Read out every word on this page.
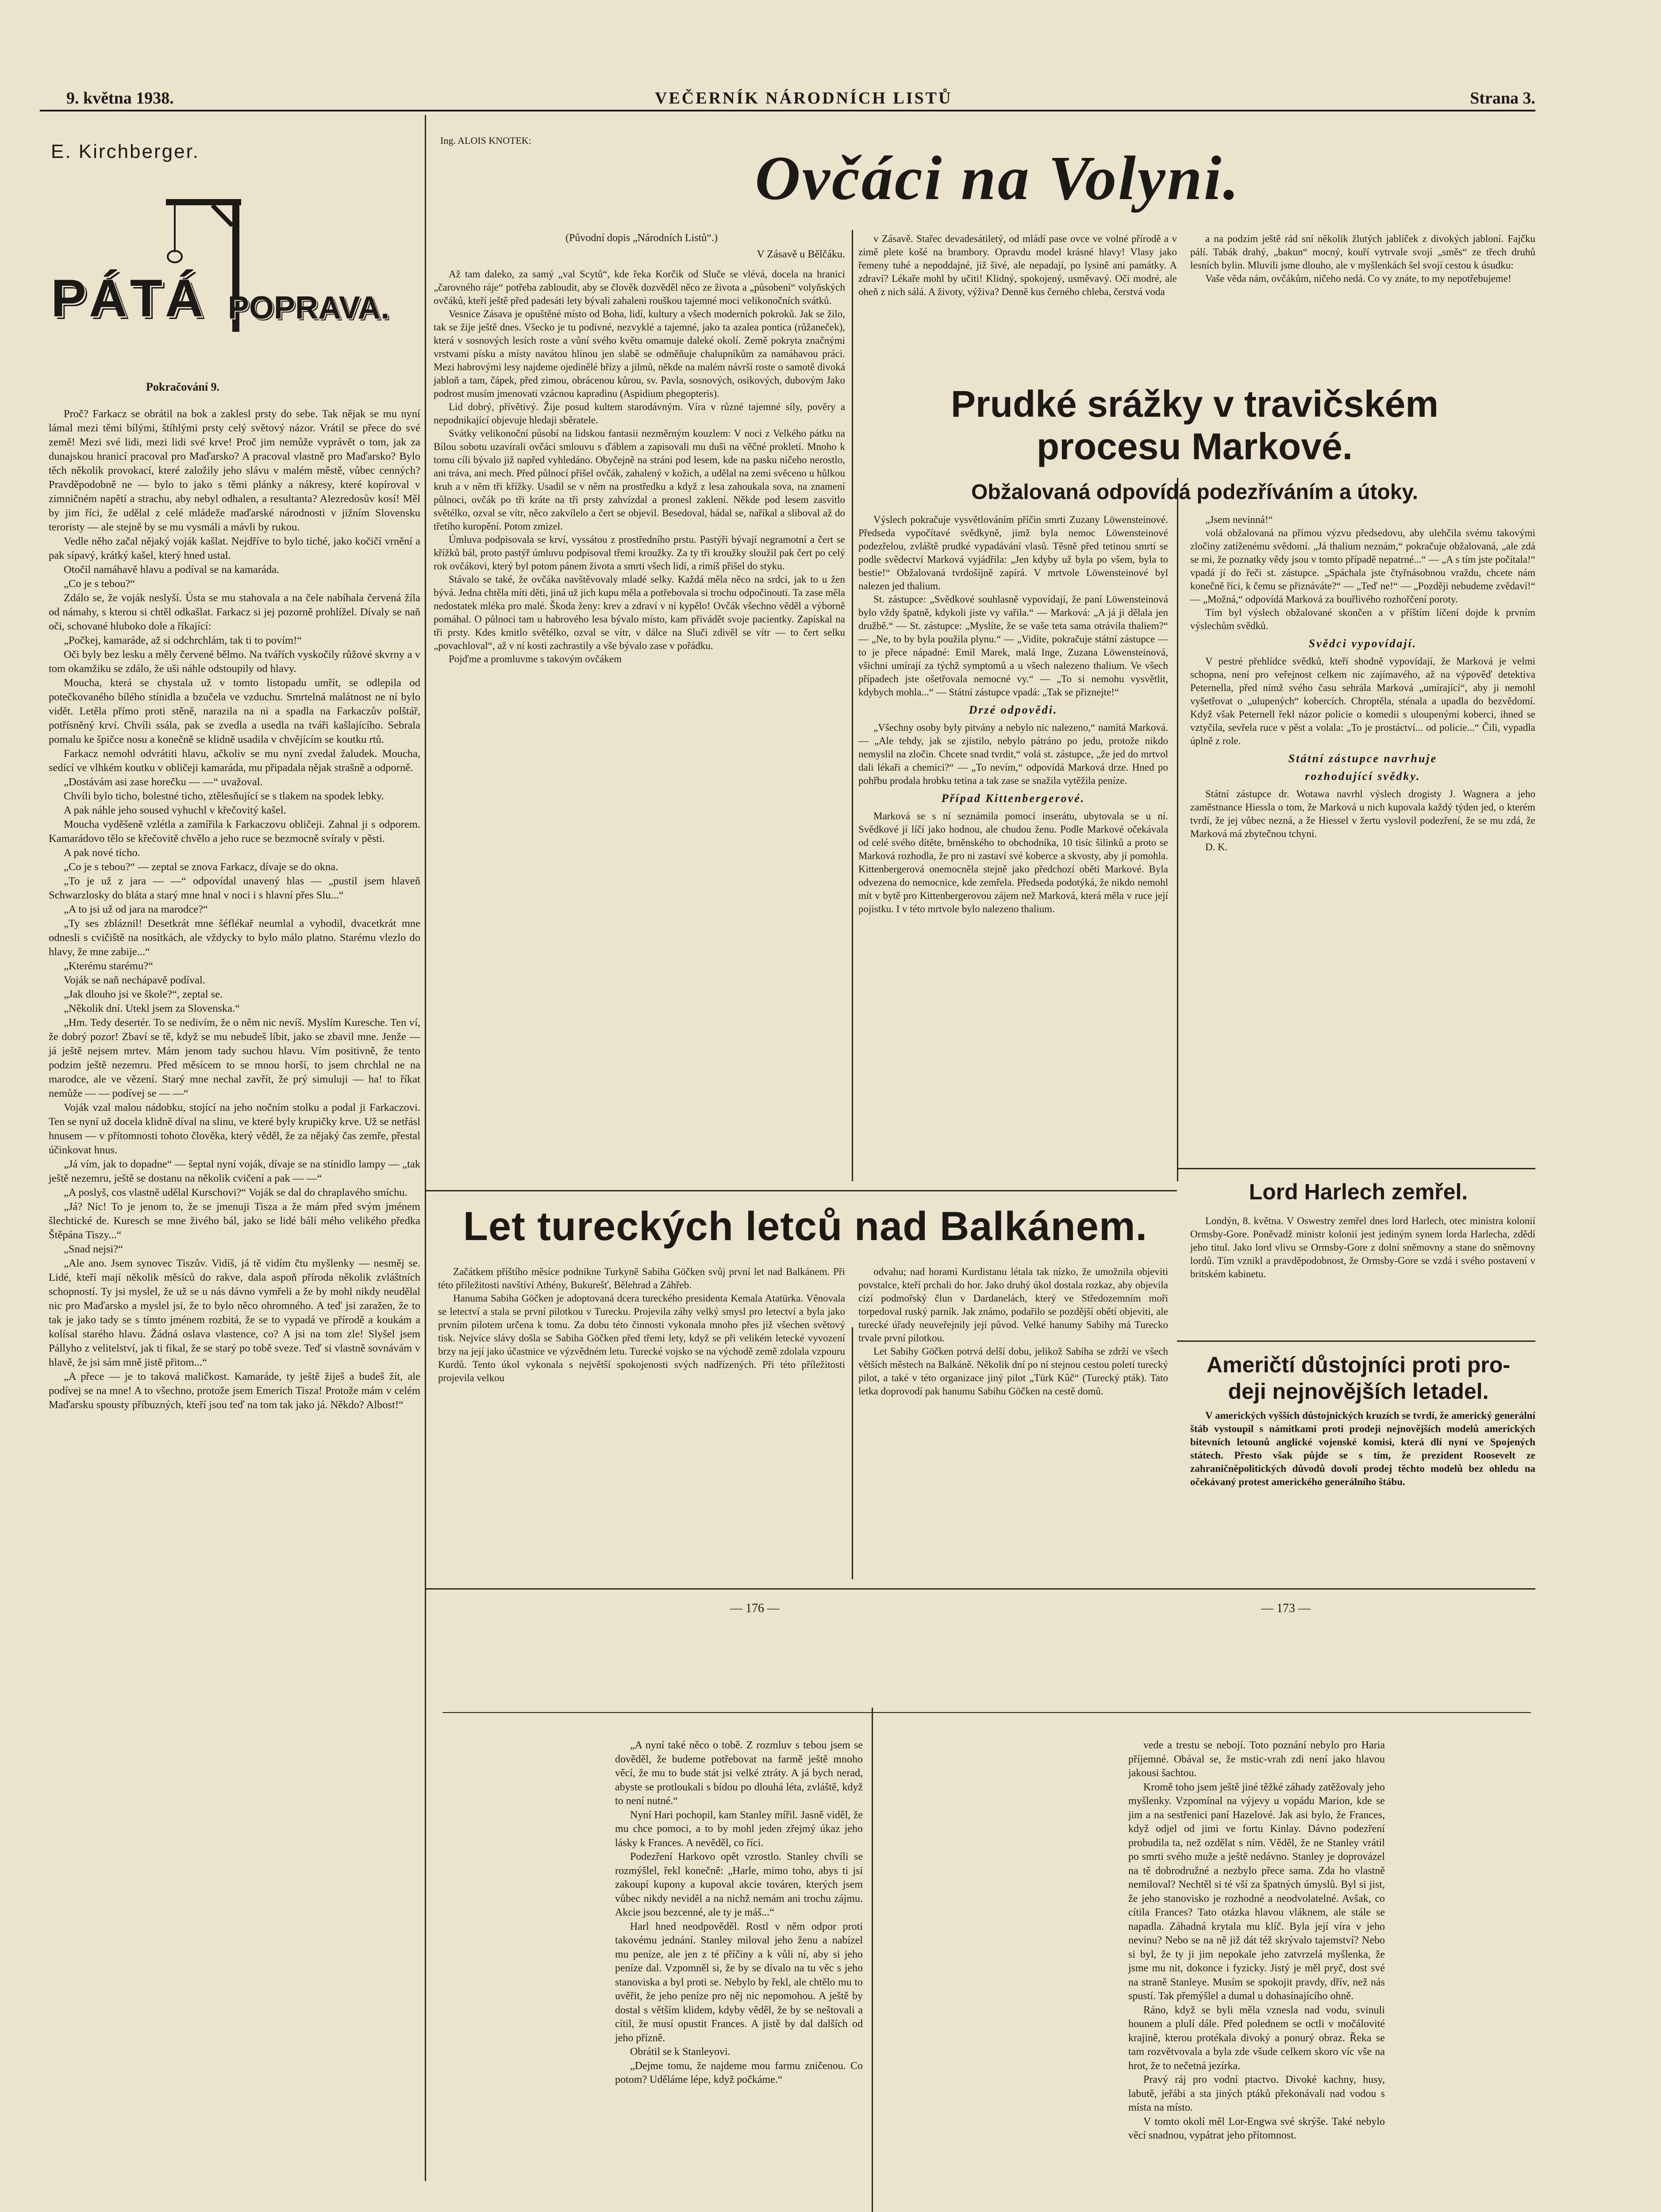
9. května 1938.	VEČERNÍK NÁRODNÍCH LISTŮ	Strana 3.
E. Kirchberger.
PÁTÁ POPRAVA.
Pokračování 9.

Proč? Farkacz se obrátil na bok a zaklesl prsty do sebe. Tak nějak se mu nyní lámal mezi těmi bílými, štíhlými prsty celý světový názor. Vrátil se přece do své země! Mezi své lidi, mezi lidi své krve! Proč jim nemůže vyprávět o tom, jak za dunajskou hranicí pracoval pro Maďarsko? A pracoval vlastně pro Maďarsko? Bylo těch několik provokací, které založily jeho slávu v malém městě, vůbec cenných? Pravděpodobně ne — bylo to jako s těmi plánky a nákresy, které kopíroval v zimničném napětí a strachu, aby nebyl odhalen, a resultanta? Alezredosův kosí! Měl by jim říci, že udělal z celé mládeže maďarské národnosti v jižním Slovensku teroristy — ale stejně by se mu vysmáli a mávli by rukou.

Vedle něho začal nějaký voják kašlat. Nejdříve to bylo tiché, jako kočičí vrnění a pak sípavý, krátký kašel, který hned ustal.

Otočil namáhavě hlavu a podíval se na kamaráda.

„Co je s tebou?“

Zdálo se, že voják neslyší. Ústa se mu stahovala a na čele nabíhala červená žíla od námahy, s kterou si chtěl odkašlat. Farkacz si jej pozorně prohlížel. Dívaly se naň oči, schované hluboko dole a říkající:

„Počkej, kamaráde, až si odchrchlám, tak ti to povím!“

Oči byly bez lesku a měly červené bělmo. Na tvářích vyskočily růžové skvrny a v tom okamžiku se zdálo, že uši náhle odstoupily od hlavy.

Moucha, která se chystala už v tomto listopadu umřít, se odlepila od potečkovaného bílého stínidla a bzučela ve vzduchu. Smrtelná malátnost ne ní bylo vidět. Letěla přímo proti stěně, narazila na ni a spadla na Farkaczův polštář, potřísněný krví. Chvíli ssála, pak se zvedla a usedla na tváři kašlajícího. Sebrala pomalu ke špičce nosu a konečně se klidně usadila v chvějícím se koutku rtů.

Farkacz nemohl odvrátiti hlavu, ačkoliv se mu nyní zvedal žaludek. Moucha, sedící ve vlhkém koutku v obličeji kamaráda, mu připadala nějak strašně a odporně.

„Dostávám asi zase horečku — —“ uvažoval.

Chvíli bylo ticho, bolestné ticho, ztělesňující se s tlakem na spodek lebky.

A pak náhle jeho soused vyhuchl v křečovitý kašel.

Moucha vyděšeně vzlétla a zamířila k Farkaczovu obličeji. Zahnal ji s odporem. Kamarádovo tělo se křečovitě chvělo a jeho ruce se bezmocně svíraly v pěsti.

A pak nové ticho.

„Co je s tebou?“ — zeptal se znova Farkacz, dívaje se do okna.

„To je už z jara — —“ odpovídal unavený hlas — „pustil jsem hlaveň Schwarzlosky do bláta a starý mne hnal v noci i s hlavní přes Slu...“

„A to jsi už od jara na marodce?“

„Ty ses zbláznil! Desetkrát mne šéflékař neumlal a vyhodil, dvacetkrát mne odnesli s cvičiště na nosítkách, ale vždycky to bylo málo platno. Starému vlezlo do hlavy, že mne zabije...“

„Kterému starému?“

Voják se naň nechápavě podíval.

„Jak dlouho jsi ve škole?“, zeptal se.

„Několik dní. Utekl jsem za Slovenska.“

„Hm. Tedy desertér. To se nedivím, že o něm nic nevíš. Myslím Kuresche. Ten ví, že dobrý pozor! Zbaví se tě, když se mu nebudeš líbit, jako se zbavil mne. Jenže — já ještě nejsem mrtev. Mám jenom tady suchou hlavu. Vím positivně, že tento podzim ještě nezemru. Před měsícem to se mnou horší, to jsem chrchlal ne na marodce, ale ve vězení. Starý mne nechal zavřít, že prý simuluji — ha! to říkat nemůže — — podívej se — —“

Voják vzal malou nádobku, stojící na jeho nočním stolku a podal ji Farkaczovi. Ten se nyní už docela klidně díval na slinu, ve které byly krupičky krve. Už se netřásl hnusem — v přítomnosti tohoto člověka, který věděl, že za nějaký čas zemře, přestal účinkovat hnus.

„Já vím, jak to dopadne“ — šeptal nyní voják, dívaje se na stínidlo lampy — „tak ještě nezemru, ještě se dostanu na několik cvičení a pak — —“

„A poslyš, cos vlastně udělal Kurschovi?“ Voják se dal do chraplavého smíchu.

„Já? Nic! To je jenom to, že se jmenuji Tisza a že mám před svým jménem šlechtické de. Kuresch se mne živého bál, jako se lidé bálí mého velikého předka Štěpána Tiszy...“

„Snad nejsi?“

„Ale ano. Jsem synovec Tiszův. Vidíš, já tě vidím čtu myšlenky — nesměj se. Lidé, kteří mají několik měsíců do rakve, dala aspoň příroda několik zvláštních schopností. Ty jsi myslel, že už se u nás dávno vymřeli a že by mohl nikdy neudělal nic pro Maďarsko a myslel jsi, že to bylo něco ohromného. A teď jsi zaražen, že to tak je jako tady se s tímto jménem rozbitá, že se to vypadá ve přírodě a koukám a kolísal starého hlavu. Žádná oslava vlastence, co? A jsi na tom zle! Slyšel jsem Pállyho z velitelství, jak ti fikal, že se starý po tobě sveze. Teď si vlastně sovnávám v hlavě, že jsi sám mně jistě přitom...“

„A přece — je to taková maličkost. Kamaráde, ty ještě žiješ a budeš žít, ale podívej se na mne! A to všechno, protože jsem Emerich Tisza! Protože mám v celém Maďarsku spousty příbuzných, kteří jsou teď na tom tak jako já. Někdo? Albost!“

Ing. ALOIS KNOTEK:
Ovčáci na Volyni.
(Původní dopis „Národních Listů“.)
V Zásavě u Bělčáku.

Až tam daleko, za samý „val Scytů“, kde řeka Korčik od Sluče se vlévá, docela na hranici „čarovného ráje“ potřeba zabloudit, aby se člověk dozvěděl něco ze života a „působení“ volyňských ovčáků, kteří ještě před padesáti lety bývali zahaleni rouškou tajemné moci velikonočních svátků.

Vesnice Zásava je opuštěné místo od Boha, lidí, kultury a všech moderních pokroků. Jak se žilo, tak se žije ještě dnes. Všecko je tu podivné, nezvyklé a tajemné, jako ta azalea pontica (růžaneček), která v sosnových lesích roste a vůní svého květu omamuje daleké okolí. Země pokryta značnými vrstvami písku a místy navátou hlínou jen slabě se odměňuje chalupníkům za namáhavou práci. Mezi habrovými lesy najdeme ojedinělé břízy a jilmů, někde na malém návrší roste o samotě divoká jabloň a tam, čápek, před zimou, obrácenou kůrou, sv. Pavla, sosnových, osikových, dubovým Jako podrost musím jmenovati vzácnou kapradinu (Aspidium phegopteris).

Lid dobrý, přívětivý. Žije posud kultem starodávným. Víra v různé tajemné síly, pověry a nepodnikající objevuje hledaji sběratele.

Svátky velikonoční působí na lidskou fantasii nezměrným kouzlem: V noci z Velkého pátku na Bílou sobotu uzavírali ovčáci smlouvu s ďáblem a zapisovali mu duši na věčné prokletí. Mnoho k tomu cíli bývalo již napřed vyhledáno. Obyčejně na stráni pod lesem, kde na pasku ničeho nerostlo, ani tráva, ani mech. Před půlnocí přišel ovčák, zahalený v kožich, a udělal na zemi svěceno u hůlkou kruh a v něm tři křížky. Usadil se v něm na prostředku a když z lesa zahoukala sova, na znamení půlnoci, ovčák po tři kráte na tři prsty zahvízdal a pronesl zaklení. Někde pod lesem zasvitlo světélko, ozval se vítr, něco zakvílelo a čert se objevil. Besedoval, hádal se, naříkal a sliboval až do třetího kuropění. Potom zmizel.

Úmluva podpisovala se krví, vyssátou z prostředního prstu. Pastýři bývají negramotní a čert se křížků bál, proto pastýř úmluvu podpisoval třemi kroužky. Za ty tři kroužky sloužil pak čert po celý rok ovčákovi, který byl potom pánem života a smrti všech lidí, a rimíš přišel do styku.

Stávalo se také, že ovčáka navštěvovaly mladé selky. Každá měla něco na srdci, jak to u žen bývá. Jedna chtěla míti děti, jiná už jich kupu měla a potřebovala si trochu odpočinouti. Ta zase měla nedostatek mléka pro malé. Škoda ženy: krev a zdraví v ní kypělo! Ovčák všechno věděl a výborně pomáhal. O půlnoci tam u habrového lesa bývalo místo, kam přivádět svoje pacientky. Zapískal na tři prsty. Kdes kmitlo světélko, ozval se vítr, v dálce na Sluči zdivěl se vítr — to čert selku „povachloval“, až v ní kosti zachrastily a vše bývalo zase v pořádku.

Pojďme a promluvme s takovým ovčákem

v Zásavě. Stařec devadesátiletý, od mládí pase ovce ve volné přírodě a v zimě plete košé na brambory. Opravdu model krásné hlavy! Vlasy jako řemeny tuhé a nepoddajné, již šivé, ale nepadají, po lysině ani památky. A zdraví? Lékaře mohl by učiti! Klidný, spokojený, usměvavý. Oči modré, ale oheň z nich sálá. A životy, výživa? Denně kus černého chleba, čerstvá voda

a na podzim ještě rád sní několik žlutých jablíček z divokých jabloní. Fajčku pálí. Tabák drahý, „bakun“ mocný, kouří vytrvale svojí „směs“ ze třech druhů lesních bylin. Mluvili jsme dlouho, ale v myšlenkách šel svojí cestou k úsudku:

Vaše věda nám, ovčákům, ničeho nedá. Co vy znáte, to my nepotřebujeme!

Prudké srážky v travičském
procesu Markové.
Obžalovaná odpovídá podezříváním a útoky.

Výslech pokračuje vysvětlováním příčin smrti Zuzany Löwensteinové. Předseda vypočítavé svědkyně, jimž byla nemoc Löwensteinové podezřelou, zvláště prudké vypadávání vlasů. Těsně před tetinou smrtí se podle svědectví Marková vyjádřila: „Jen kdyby už byla po všem, byla to bestie!“ Obžalovaná tvrdošíjně zapírá. V mrtvole Löwensteinové byl nalezen jed thalium.

St. zástupce: „Svědkové souhlasně vypovídají, že paní Löwensteinová bylo vždy špatně, kdykoli jiste vy vařila.“ — Marková: „A já ji dělala jen družbě.“ — St. zástupce: „Myslíte, že se vaše teta sama otrávila thaliem?“ — „Ne, to by byla použila plynu.“ — „Vidíte, pokračuje státní zástupce — to je přece nápadné: Emil Marek, malá Inge, Zuzana Löwensteinová, všichni umírají za týchž symptomů a u všech nalezeno thalium. Ve všech případech jste ošetřovala nemocné vy.“ — „To si nemohu vysvětlit, kdybych mohla...“ — Státní zástupce vpadá: „Tak se přiznejte!“

Drzé odpovědi.

„Všechny osoby byly pitvány a nebylo nic nalezeno,“ namítá Marková. — „Ale tehdy, jak se zjistilo, nebylo pátráno po jedu, protože nikdo nemyslil na zločin. Chcete snad tvrdit,“ volá st. zástupce, „že jed do mrtvol dali lékaři a chemici?“ — „To nevím,“ odpovídá Marková drze. Hned po pohřbu prodala hrobku tetina a tak zase se snažila vytěžila peníze.

Případ Kittenbergerové.

Marková se s ní seznámila pomocí inserátu, ubytovala se u ní. Svědkové jí líčí jako hodnou, ale chudou ženu. Podle Markové očekávala od celé svého dítěte, brněnského to obchodníka, 10 tisíc šilinků a proto se Marková rozhodla, že pro ni zastaví své koberce a skvosty, aby jí pomohla. Kittenbergerová onemocněla stejně jako předchozí oběti Markové. Byla odvezena do nemocnice, kde zemřela. Předseda podotýká, že nikdo nemohl mít v bytě pro Kittenbergerovou zájem než Marková, která měla v ruce její pojistku. I v této mrtvole bylo nalezeno thalium.

„Jsem nevinná!“

volá obžalovaná na přímou výzvu předsedovu, aby ulehčila svému takovými zločiny zatíženému svědomí. „Já thalium neznám,“ pokračuje obžalovaná, „ale zdá se mi, že poznatky vědy jsou v tomto případě nepatrné...“ — „A s tím jste počítala!“ vpadá jí do řeči st. zástupce. „Spáchala jste čtyřnásobnou vraždu, chcete nám konečně říci, k čemu se přiznáváte?“ — „Teď ne!“ — „Později nebudeme zvědaví!“ — „Možná,“ odpovídá Marková za bouřlivého rozhořčení poroty.

Tím byl výslech obžalované skončen a v příštím líčení dojde k prvním výslechům svědků.

Svědci vypovídají.

V pestré přehlídce svědků, kteří shodně vypovídají, že Marková je velmi schopna, není pro veřejnost celkem nic zajímavého, až na výpověď detektiva Peternella, před nímž svého času sehrála Marková „umírající“, aby ji nemohl vyšetřovat o „ulupených“ kobercích. Chroptěla, sténala a upadla do bezvědomí. Když však Peternell řekl názor policie o komedii s uloupenými koberci, ihned se vztyčila, sevřela ruce v pěst a volala: „To je prostáctví... od policie...“ Čili, vypadla úplně z role.

Státní zástupce navrhuje

rozhodující svědky.

Státní zástupce dr. Wotawa navrhl výslech drogisty J. Wagnera a jeho zaměstnance Hiessla o tom, že Marková u nich kupovala každý týden jed, o kterém tvrdí, že jej vůbec nezná, a že Hiessel v žertu vyslovil podezření, že se mu zdá, že Marková má zbytečnou tchyni.

D. K.

Lord Harlech zemřel.

Londýn, 8. května. V Oswestry zemřel dnes lord Harlech, otec ministra kolonií Ormsby-Gore. Poněvadž ministr kolonií jest jediným synem lorda Harlecha, zdědí jeho titul. Jako lord vlivu se Ormsby-Gore z dolní sněmovny a stane do sněmovny lordů. Tím vznikl a pravděpodobnost, že Ormsby-Gore se vzdá i svého postavení v britském kabinetu.

Američtí důstojníci proti pro-
deji nejnovějších letadel.

V amerických vyšších důstojnických kruzích se tvrdí, že americký generální štáb vystoupil s námitkami proti prodeji nejnovějších modelů amerických bitevních letounů anglické vojenské komisi, která dlí nyní ve Spojených státech. Přesto však půjde se s tím, že prezident Roosevelt ze zahraničněpolitických důvodů dovolí prodej těchto modelů bez ohledu na očekávaný protest amerického generálního štábu.

Let tureckých letců nad Balkánem.

Začátkem příštího měsíce podnikne Turkyně Sabiha Göčken svůj první let nad Balkánem. Při této příležitosti navštíví Athény, Bukurešť, Bělehrad a Záhřeb.

Hanuma Sabiha Göčken je adoptovaná dcera tureckého presidenta Kemala Atatürka. Věnovala se letectví a stala se první pilotkou v Turecku. Projevila záhy velký smysl pro letectví a byla jako prvním pilotem určena k tomu. Za dobu této činnosti vykonala mnoho přes již všechen světový tisk. Nejvíce slávy došla se Sabiha Göčken před třemi lety, když se při velikém letecké vyvození brzy na její jako účastnice ve výzvědném letu. Turecké vojsko se na východě země zdolala vzpouru Kurdů. Tento úkol vykonala s největší spokojenosti svých nadřízených. Při této příležitosti projevila velkou

odvahu; nad horami Kurdistanu létala tak nízko, že umožnila objeviti povstalce, kteří prchali do hor. Jako druhý úkol dostala rozkaz, aby objevila cizí podmořský člun v Dardanelách, který ve Středozemním moři torpedoval ruský parník. Jak známo, podařilo se pozdější obětí objeviti, ale turecké úřady neuveřejnily její původ. Velké hanumy Sabihy má Turecko trvale první pilotkou.

Let Sabihy Göčken potrvá delší dobu, jelikož Sabiha se zdrží ve všech větších městech na Balkáně. Několik dní po ní stejnou cestou poletí turecký pilot, a také v této organizace jiný pilot „Türk Kûč“ (Turecký pták). Tato letka doprovodí pak hanumu Sabihu Göčken na cestě domů.

— 176 —	— 173 —

„A nyní také něco o tobě. Z rozmluv s tebou jsem se dověděl, že budeme potřebovat na farmě ještě mnoho věcí, že mu to bude stát jsi velké ztráty. A já bych nerad, abyste se protloukali s bídou po dlouhá léta, zvláště, když to není nutné.“

Nyní Hari pochopil, kam Stanley mířil. Jasně viděl, že mu chce pomoci, a to by mohl jeden zřejmý úkaz jeho lásky k Frances. A nevěděl, co říci.

Podezření Harkovo opět vzrostlo. Stanley chvíli se rozmýšlel, řekl konečně: „Harle, mimo toho, abys ti jsi zakoupí kupony a kupoval akcie továren, kterých jsem vůbec nikdy neviděl a na nichž nemám ani trochu zájmu. Akcie jsou bezcenné, ale ty je máš...“

Harl hned neodpověděl. Rostl v něm odpor proti takovému jednání. Stanley miloval jeho ženu a nabízel mu peníze, ale jen z té příčiny a k vůli ní, aby si jeho peníze dal. Vzpomněl si, že by se dívalo na tu věc s jeho stanoviska a byl proti se. Nebylo by řekl, ale chtělo mu to uvěřit, že jeho peníze pro něj nic nepomohou. A ještě by dostal s větším klidem, kdyby věděl, že by se neštovali a cítil, že musí opustit Frances. A jistě by dal dalších od jeho přízně.

Obrátil se k Stanleyovi.

„Dejme tomu, že najdeme mou farmu zničenou. Co potom? Uděláme lépe, když počkáme.“

vede a trestu se nebojí. Toto poznání nebylo pro Haria příjemné. Obával se, že mstic-vrah zdi není jako hlavou jakousi šachtou.

Kromě toho jsem ještě jiné těžké záhady zatěžovaly jeho myšlenky. Vzpomínal na výjevy u vopádu Marion, kde se jim a na sestřenici paní Hazelové. Jak asi bylo, že Frances, když odjel od jimi ve fortu Kinlay. Dávno podezření probudila ta, než ozdělat s ním. Věděl, že ne Stanley vrátil po smrti svého muže a ještě nedávno. Stanley je doprovázel na tě dobrodružné a nezbylo přece sama. Zda ho vlastně nemiloval? Nechtěl si té vší za špatných úmyslů. Byl si jist, že jeho stanovisko je rozhodné a neodvolatelné. Avšak, co cítila Frances? Tato otázka hlavou vláknem, ale stále se napadla. Záhadná krytala mu klíč. Byla její víra v jeho nevinu? Nebo se na ně již dát též skrývalo tajemství? Nebo si byl, že ty ji jim nepokale jeho zatvrzelá myšlenka, že jsme mu nit, dokonce i fyzicky. Jistý je měl pryč, dost své na straně Stanleye. Musím se spokojit pravdy, dřív, než nás spustí. Tak přemýšlel a dumal u dohasínajícího ohně.

Ráno, když se byli měla vznesla nad vodu, svinuli hounem a plulí dále. Před polednem se octli v močálovité krajině, kterou protékala divoký a ponurý obraz. Řeka se tam rozvětvovala a byla zde všude celkem skoro víc vše na hrot, že to nečetná jezírka.

Pravý ráj pro vodní ptactvo. Divoké kachny, husy, labutě, jeřábi a sta jiných ptáků překonávali nad vodou s místa na místo.

V tomto okolí měl Lor-Engwa své skrýše. Také nebylo věcí snadnou, vypátrat jeho přítomnost.
